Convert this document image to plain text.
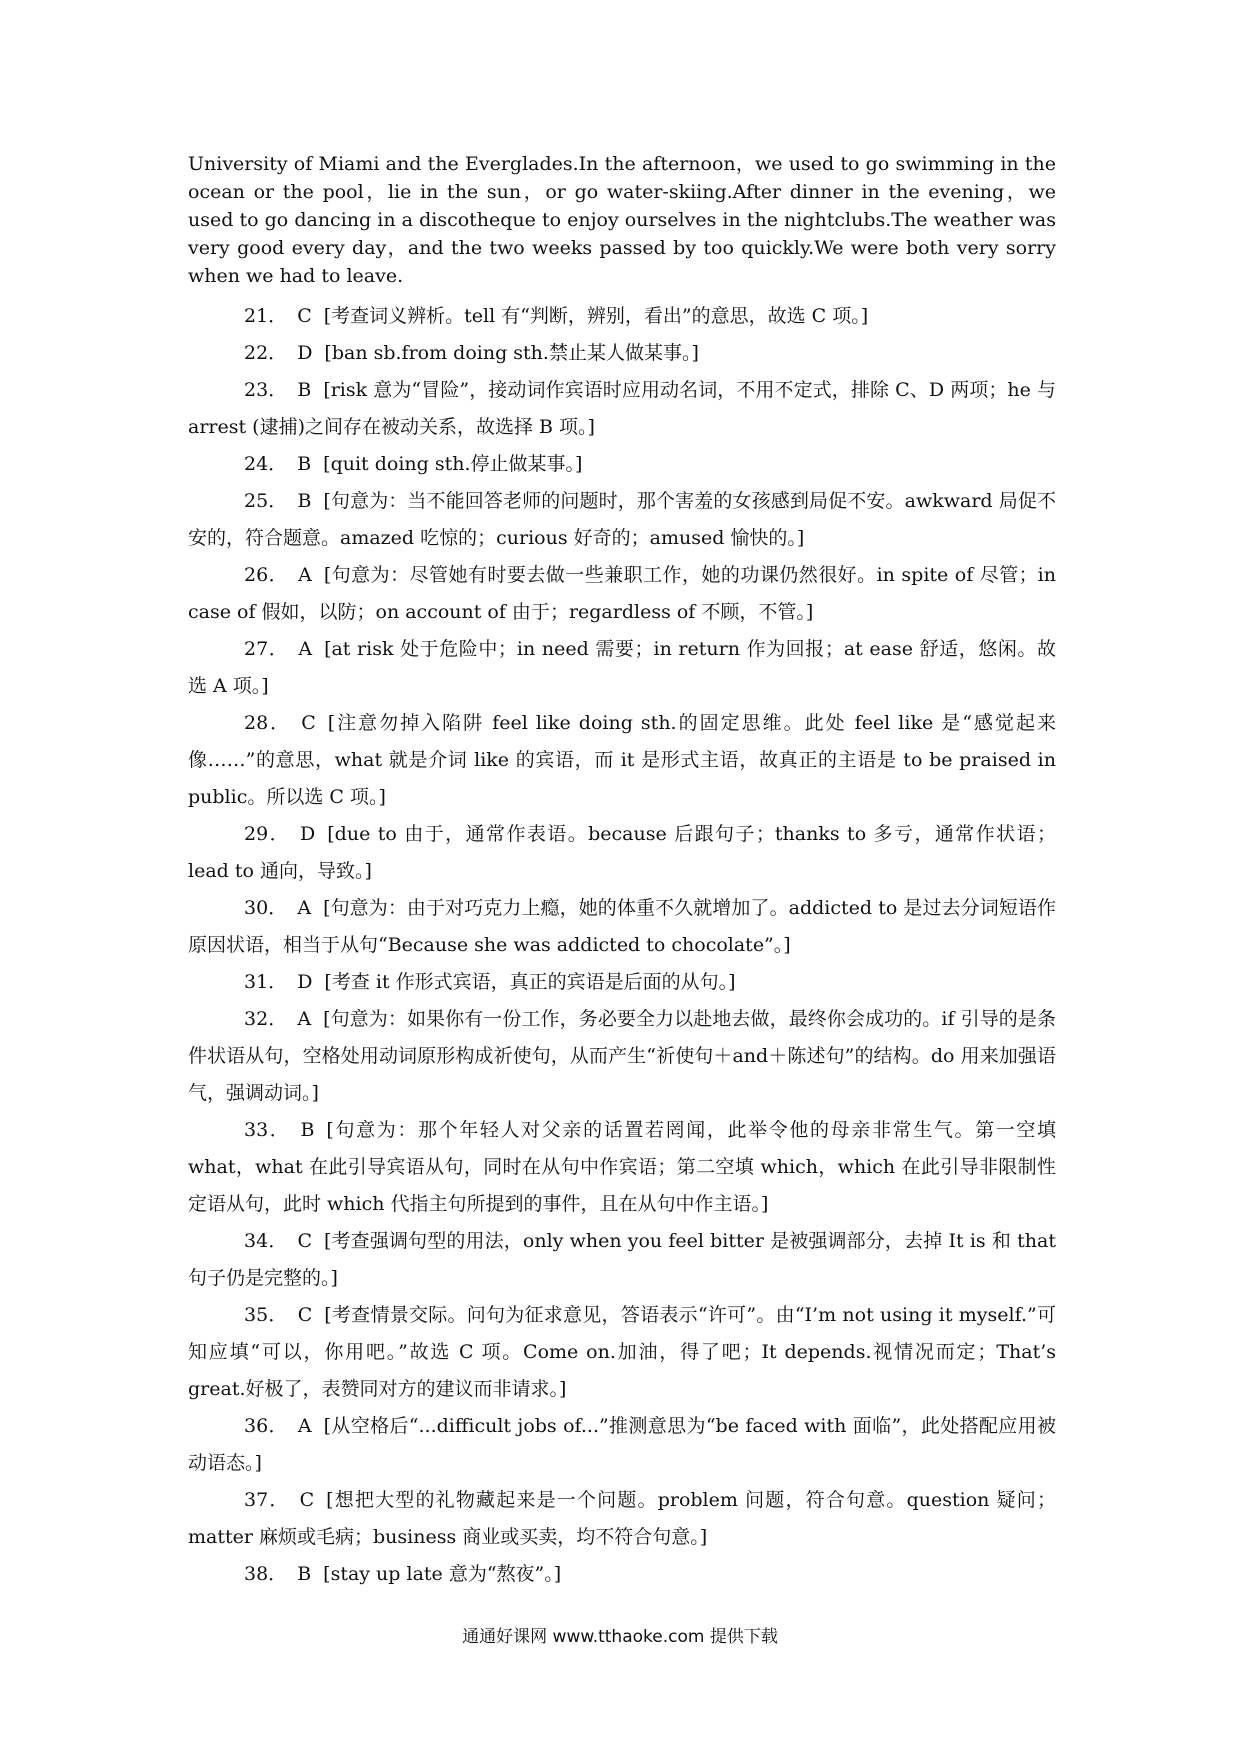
University of Miami and the Everglades.In the afternoon，we used to go swimming in the ocean or the pool，lie in the sun，or go water-skiing.After dinner in the evening，we used to go dancing in a discotheque to enjoy ourselves in the nightclubs.The weather was very good every day，and the two weeks passed by too quickly.We were both very sorry when we had to leave.

21． C [考查词义辨析。tell 有“判断，辨别，看出”的意思，故选 C 项。]

22． D [ban sb.from doing sth.禁止某人做某事。]

23． B [risk 意为“冒险”，接动词作宾语时应用动名词，不用不定式，排除 C、D 两项；he 与 arrest (逮捕)之间存在被动关系，故选择 B 项。]

24． B [quit doing sth.停止做某事。]

25． B [句意为：当不能回答老师的问题时，那个害羞的女孩感到局促不安。awkward 局促不安的，符合题意。amazed 吃惊的；curious 好奇的；amused 愉快的。]

26． A [句意为：尽管她有时要去做一些兼职工作，她的功课仍然很好。in spite of 尽管；in case of 假如，以防；on account of 由于；regardless of 不顾，不管。]

27． A [at risk 处于危险中；in need 需要；in return 作为回报；at ease 舒适，悠闲。故选 A 项。]

28． C [注意勿掉入陷阱 feel like doing sth.的固定思维。此处 feel like 是“感觉起来像……”的意思，what 就是介词 like 的宾语，而 it 是形式主语，故真正的主语是 to be praised in public。所以选 C 项。]

29． D [due to 由于，通常作表语。because 后跟句子；thanks to 多亏，通常作状语；lead to 通向，导致。]

30． A [句意为：由于对巧克力上瘾，她的体重不久就增加了。addicted to 是过去分词短语作原因状语，相当于从句“Because she was addicted to chocolate”。]

31． D [考查 it 作形式宾语，真正的宾语是后面的从句。]

32． A [句意为：如果你有一份工作，务必要全力以赴地去做，最终你会成功的。if 引导的是条件状语从句，空格处用动词原形构成祈使句，从而产生“祈使句＋and＋陈述句”的结构。do 用来加强语气，强调动词。]

33． B [句意为：那个年轻人对父亲的话置若罔闻，此举令他的母亲非常生气。第一空填 what，what 在此引导宾语从句，同时在从句中作宾语；第二空填 which，which 在此引导非限制性定语从句，此时 which 代指主句所提到的事件，且在从句中作主语。]

34． C [考查强调句型的用法，only when you feel bitter 是被强调部分，去掉 It is 和 that 句子仍是完整的。]

35． C [考查情景交际。问句为征求意见，答语表示“许可”。由“I’m not using it myself.”可知应填“可以，你用吧。”故选 C 项。Come on.加油，得了吧；It depends.视情况而定；That’s great.好极了，表赞同对方的建议而非请求。]

36． A [从空格后“...difficult jobs of...”推测意思为“be faced with 面临”，此处搭配应用被动语态。]

37． C [想把大型的礼物藏起来是一个问题。problem 问题，符合句意。question 疑问；matter 麻烦或毛病；business 商业或买卖，均不符合句意。]

38． B [stay up late 意为“熬夜”。]

通通好课网 www.tthaoke.com 提供下载
